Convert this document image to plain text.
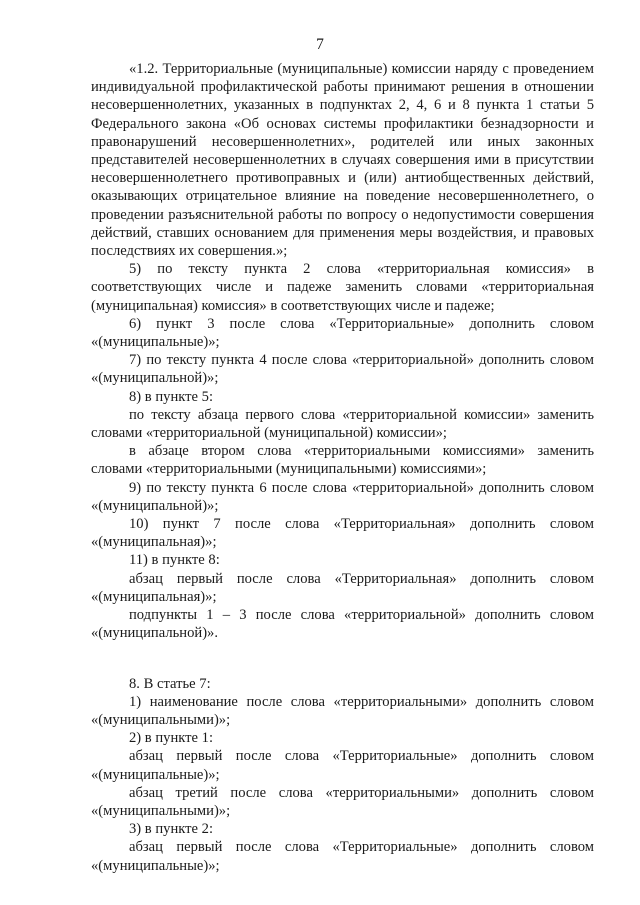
7

«1.2. Территориальные (муниципальные) комиссии наряду с проведением индивидуальной профилактической работы принимают решения в отношении несовершеннолетних, указанных в подпунктах 2, 4, 6 и 8 пункта 1 статьи 5 Федерального закона «Об основах системы профилактики безнадзорности и правонарушений несовершеннолетних», родителей или иных законных представителей несовершеннолетних в случаях совершения ими в присутствии несовершеннолетнего противоправных и (или) антиобщественных действий, оказывающих отрицательное влияние на поведение несовершеннолетнего, о проведении разъяснительной работы по вопросу о недопустимости совершения действий, ставших основанием для применения меры воздействия, и правовых последствиях их совершения.»;

5) по тексту пункта 2 слова «территориальная комиссия» в соответствующих числе и падеже заменить словами «территориальная (муниципальная) комиссия» в соответствующих числе и падеже;

6) пункт 3 после слова «Территориальные» дополнить словом «(муниципальные)»;

7) по тексту пункта 4 после слова «территориальной» дополнить словом «(муниципальной)»;

8) в пункте 5:

по тексту абзаца первого слова «территориальной комиссии» заменить словами «территориальной (муниципальной) комиссии»;

в абзаце втором слова «территориальными комиссиями» заменить словами «территориальными (муниципальными) комиссиями»;

9) по тексту пункта 6 после слова «территориальной» дополнить словом «(муниципальной)»;

10) пункт 7 после слова «Территориальная» дополнить словом «(муниципальная)»;

11) в пункте 8:

абзац первый после слова «Территориальная» дополнить словом «(муниципальная)»;

подпункты 1 – 3 после слова «территориальной» дополнить словом «(муниципальной)».

8. В статье 7:

1) наименование после слова «территориальными» дополнить словом «(муниципальными)»;

2) в пункте 1:

абзац первый после слова «Территориальные» дополнить словом «(муниципальные)»;

абзац третий после слова «территориальными» дополнить словом «(муниципальными)»;

3) в пункте 2:

абзац первый после слова «Территориальные» дополнить словом «(муниципальные)»;
